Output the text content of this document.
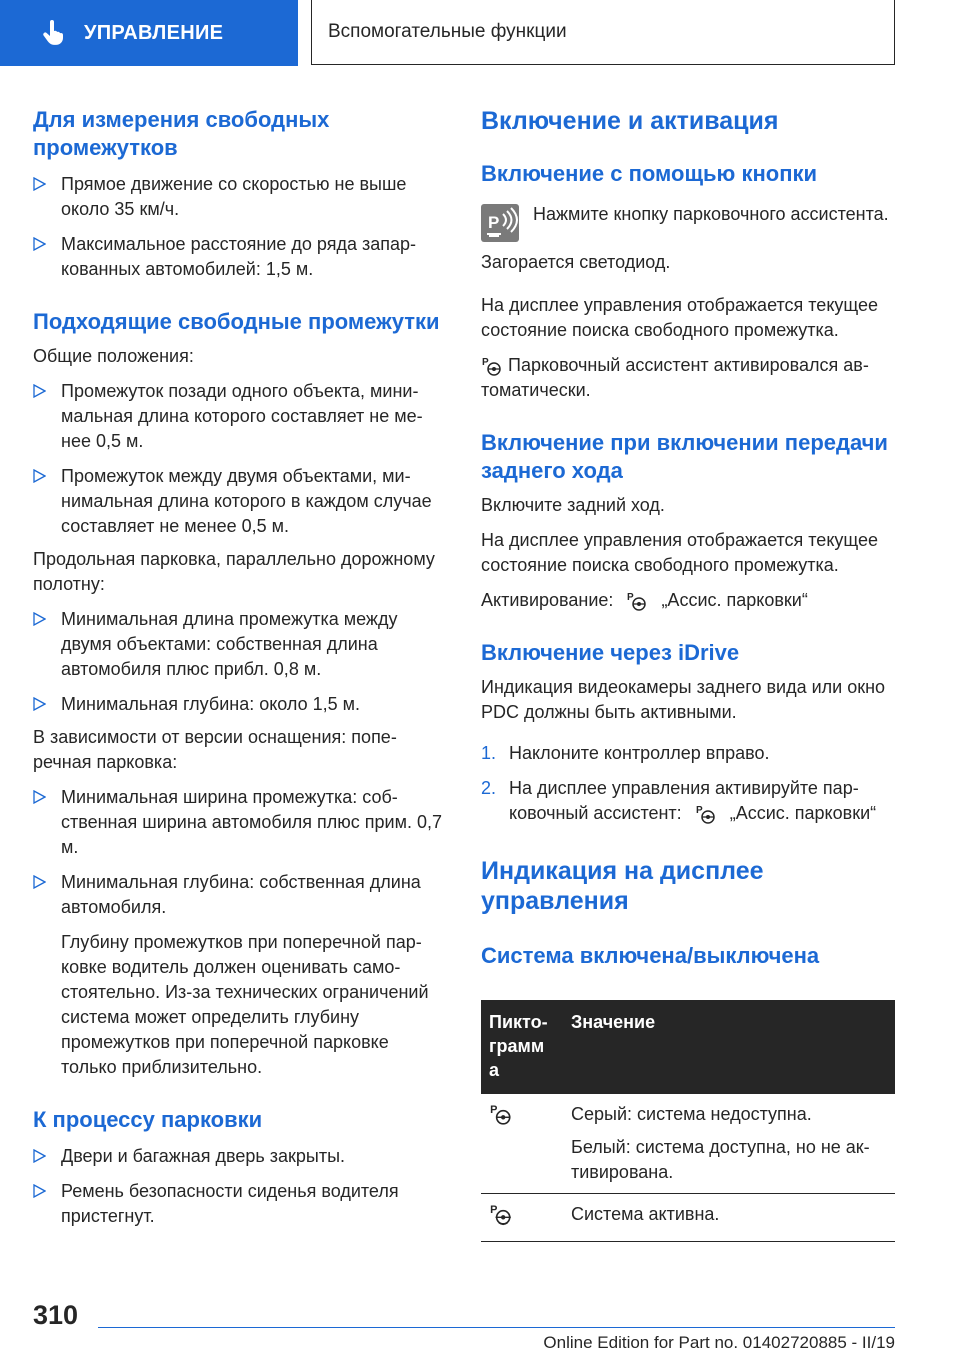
УПРАВЛЕНИЕ	Вспомогательные функции
Для измерения свободных промежутков
Прямое движение со скоростью не выше около 35 км/ч.
Максимальное расстояние до ряда запаркованных автомобилей: 1,5 м.
Подходящие свободные промежутки

Общие положения:

Промежуток позади одного объекта, минимальная длина которого составляет не менее 0,5 м.
Промежуток между двумя объектами, минимальная длина которого в каждом случае составляет не менее 0,5 м.

Продольная парковка, параллельно дорожному полотну:

Минимальная длина промежутка между двумя объектами: собственная длина автомобиля плюс прибл. 0,8 м.
Минимальная глубина: около 1,5 м.

В зависимости от версии оснащения: поперечная парковка:

Минимальная ширина промежутка: собственная ширина автомобиля плюс прим. 0,7 м.
Минимальная глубина: собственная длина автомобиля.

Глубину промежутков при поперечной парковке водитель должен оценивать самостоятельно. Из-за технических ограничений система может определить глубину промежутков при поперечной парковке только приблизительно.

К процессу парковки
Двери и багажная дверь закрыты.
Ремень безопасности сиденья водителя пристегнут.
Включение и активация
Включение с помощью кнопки
P	Нажмите кнопку парковочного ассистента.

Загорается светодиод.

На дисплее управления отображается текущее состояние поиска свободного промежутка.

P Парковочный ассистент активировался автоматически.

Включение при включении передачи заднего хода

Включите задний ход.

На дисплее управления отображается текущее состояние поиска свободного промежутка.

Активирование: P „Ассис. парковки“

Включение через iDrive

Индикация видеокамеры заднего вида или окно PDC должны быть активными.

1. Наклоните контроллер вправо.
2. На дисплее управления активируйте парковочный ассистент: P „Ассис. парковки“
Индикация на дисплее управления
Система включена/выключена
Пиктограмм а	Значение

P	Серый: система недоступна.

Белый: система доступна, но не активирована.

P	Система активна.

310
Online Edition for Part no. 01402720885 - II/19
